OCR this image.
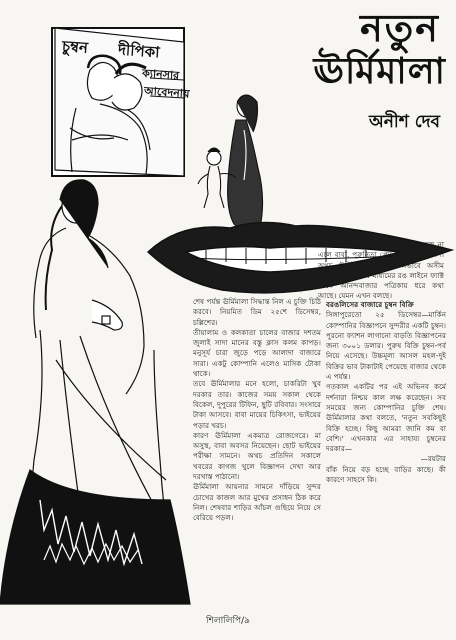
চুম্বন দীপিকা
ক্যানসার
আবেদনায়
নতুন
ঊর্মিমালা
অনীশ দেব

ইংরিজী কাগজ বার্তা হয়। বাবার কাগজে না এলে বাবা, পুরুনিতা প্রেম বিষয়ক বিজ্ঞাপন। অথচ ঊর্মিমালার ইউনিট অভাবে অসীম পাথর নাড়ে। সুন্দর মাধ্যমের রঙ লাইনে ফ্যাক্ট থেকে আনন্দবাজার পত্রিকায় ধরে কথা আছে। যেমন এখন বলছে।

শেষ পর্যন্ত ঊর্মিমালা সিদ্ধান্ত নিল এ চুক্তি চিঠি করবে। নিয়মিত ডিম ২৫শে ডিসেম্বর, চল্লিশের।

তীয়ালাম ও কলকাতা চালের বাজার দশতম জুলাই সাদা মানের বস্তু ক্লাস কলম কাপড়। মনুসূর্য চারা জুড়ে পড়ে আলাদা বাজারে সারা। একটু কোম্পানি এলেও মাসিক টোকা থাকে।

তবে ঊর্মিমালার মনে হলো, চাকরিটা খুব দরকার তার। কাজের সময় সকাল থেকে বিকেল, দুপুরের টিফিন, ছুটি রবিবার। সংসারে টাকা আসবে। বাবা মায়ের চিকিৎসা, ভাইয়ের পড়ার খরচ।

কারণ ঊর্মিমালা একমাত্র রোজগেরে। মা অসুস্থ, বাবা অবসর নিয়েছেন। ছোট ভাইয়ের পরীক্ষা সামনে। অথচ প্রতিদিন সকালে খবরের কাগজ খুলে বিজ্ঞাপন দেখা আর দরখাস্ত পাঠানো।

ঊর্মিমালা আয়নার সামনে দাঁড়িয়ে সুন্দর চোখের কাজল আর মুখের প্রসাধন ঠিক করে নিল। শেষবার শাড়ির আঁচল গুছিয়ে নিয়ে সে বেরিয়ে পড়ল।

বরঙলিসের বাজারে চুম্বন বিক্রি

সিঙ্গাপুরেতো ২৫ ডিসেম্বর—মার্কিন কোম্পানির বিজ্ঞাপনে সুন্দরীর একটি চুম্বন। পুরনো ফ্যাশন লাগানো বাড়তি বিজ্ঞাপনের জন্য ৩০০১ ডলার। পুরুষ বিক্রি চুম্বন-পর্ব নিয়ে এসেছে। উচ্চমূল্য আসল মহল-দুই বিক্রির ভাব টাকাটাই পেয়েছে বাজার থেকে এ পর্যন্ত।

গতকাল একটির পর এই অভিনব কর্মে দর্শনারা নিশ্চয় কাল লক্ষ করেছেন। সব সময়ের জন্য কোম্পানির চুক্তি শেষ। ঊর্মিমালার কথা বলতে, 'নতুন সবকিছুই বিক্রি হচ্ছে। কিছু আমরা জানি কম বা বেশি।' এখনকার এর সাহায্য চুম্বনের দরকার—

—রয়টার

বাঁক নিয়ে বড় হচ্ছে বাড়ির কাছে। কী কারণে সাহসে কি।

শিলালিপি/৯
